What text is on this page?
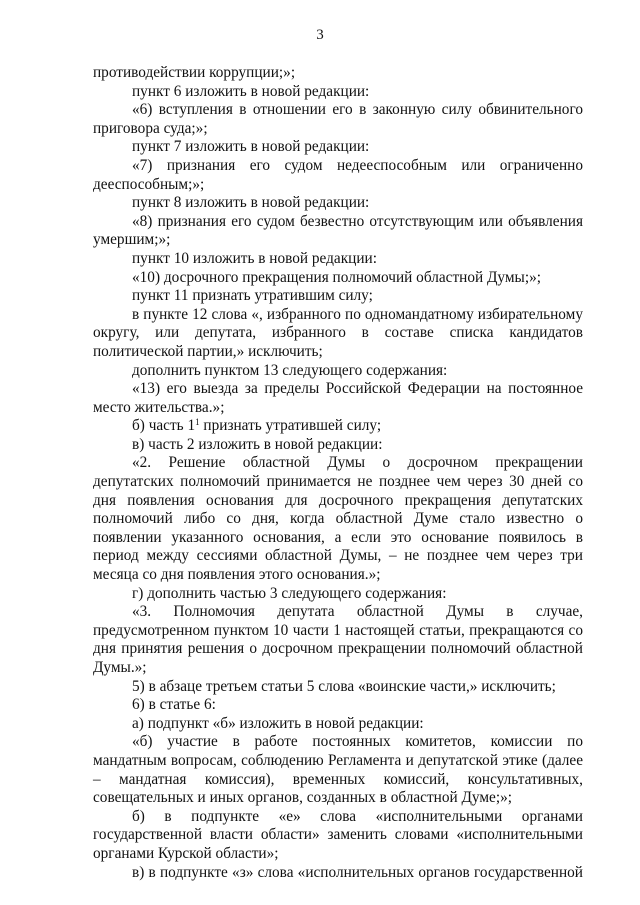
3

противодействии коррупции;»;

пункт 6 изложить в новой редакции:

«6) вступления в отношении его в законную силу обвинительного приговора суда;»;

пункт 7 изложить в новой редакции:

«7) признания его судом недееспособным или ограниченно дееспособным;»;

пункт 8 изложить в новой редакции:

«8) признания его судом безвестно отсутствующим или объявления умершим;»;

пункт 10 изложить в новой редакции:

«10) досрочного прекращения полномочий областной Думы;»;

пункт 11 признать утратившим силу;

в пункте 12 слова «, избранного по одномандатному избирательному округу, или депутата, избранного в составе списка кандидатов политической партии,» исключить;

дополнить пунктом 13 следующего содержания:

«13) его выезда за пределы Российской Федерации на постоянное место жительства.»;

б) часть $1^1$ признать утратившей силу;

в) часть 2 изложить в новой редакции:

«2. Решение областной Думы о досрочном прекращении депутатских полномочий принимается не позднее чем через 30 дней со дня появления основания для досрочного прекращения депутатских полномочий либо со дня, когда областной Думе стало известно о появлении указанного основания, а если это основание появилось в период между сессиями областной Думы, – не позднее чем через три месяца со дня появления этого основания.»;

г) дополнить частью 3 следующего содержания:

«3. Полномочия депутата областной Думы в случае, предусмотренном пунктом 10 части 1 настоящей статьи, прекращаются со дня принятия решения о досрочном прекращении полномочий областной Думы.»;

5) в абзаце третьем статьи 5 слова «воинские части,» исключить;

6) в статье 6:

а) подпункт «б» изложить в новой редакции:

«б) участие в работе постоянных комитетов, комиссии по мандатным вопросам, соблюдению Регламента и депутатской этике (далее – мандатная комиссия), временных комиссий, консультативных, совещательных и иных органов, созданных в областной Думе;»;

б) в подпункте «е» слова «исполнительными органами государственной власти области» заменить словами «исполнительными органами Курской области»;

в) в подпункте «з» слова «исполнительных органов государственной
